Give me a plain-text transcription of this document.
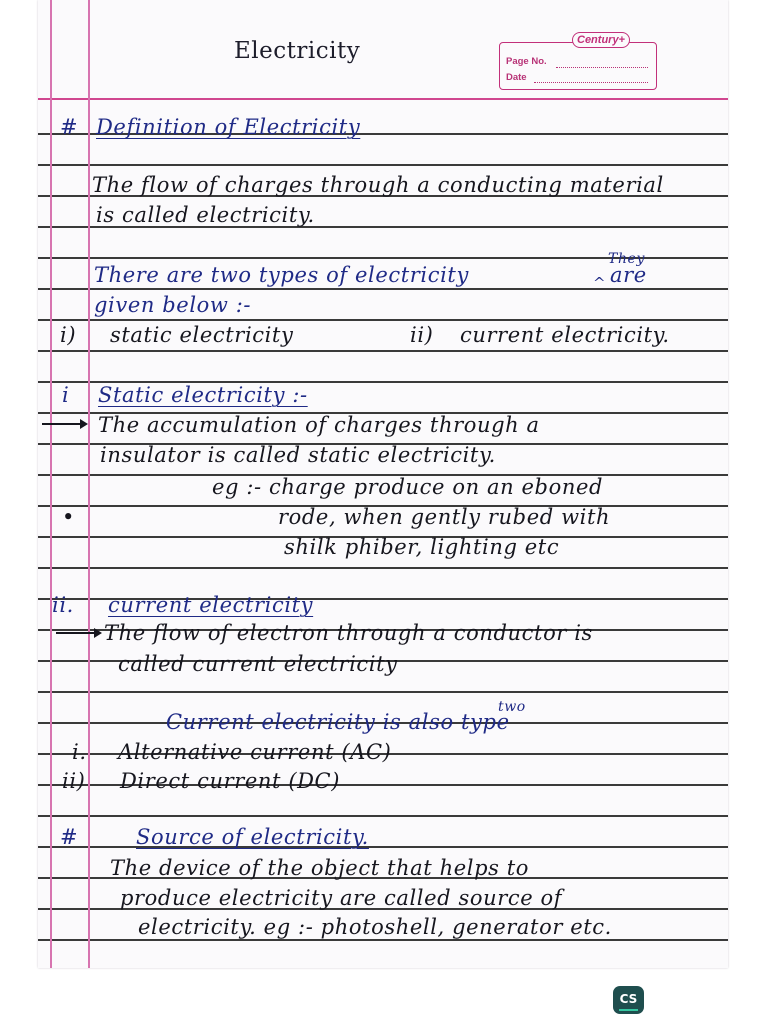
Electricity	Century+
Page No.
Date
# Definition of Electricity
The flow of charges through a conducting material
is called electricity.
There are two types of electricity	^
They
are
given below :-
i) static electricity	ii) current electricity.
i Static electricity :-
The accumulation of charges through a
insulator is called static electricity.
eg :- charge produce on an eboned
•	rode, when gently rubed with
shilk phiber, lighting etc
ii. current electricity
The flow of electron through a conductor is
called current electricity
Current electricity is also type
two
i. Alternative current (AC)
ii) Direct current (DC)
#	Source of electricity.
The device of the object that helps to
produce electricity are called source of
electricity. eg :- photoshell, generator etc.
CS
